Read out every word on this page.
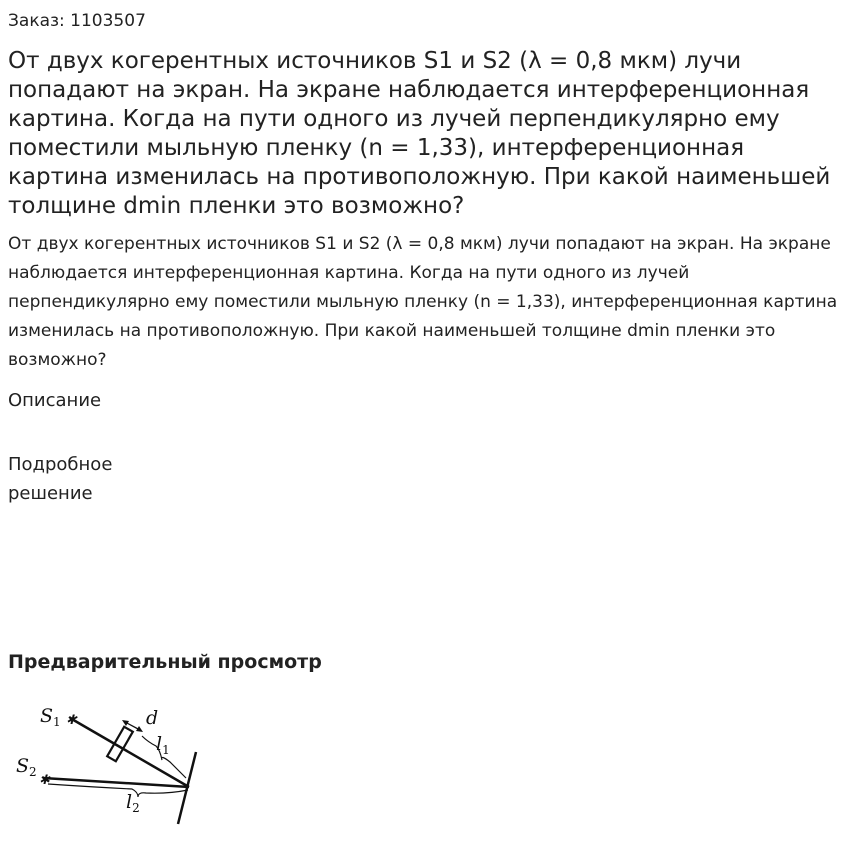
Заказ: 1103507
От двух когерентных источников S1 и S2 (λ = 0,8 мкм) лучи попадают на экран. На экране наблюдается интерференционная картина. Когда на пути одного из лучей перпендикулярно ему поместили мыльную пленку (n = 1,33), интерференционная картина изменилась на противоположную. При какой наименьшей толщине dmin пленки это возможно?

От двух когерентных источников S1 и S2 (λ = 0,8 мкм) лучи попадают на экран. На экране наблюдается интерференционная картина. Когда на пути одного из лучей перпендикулярно ему поместили мыльную пленку (n = 1,33), интерференционная картина изменилась на противоположную. При какой наименьшей толщине dmin пленки это возможно?

Описание
Подробное решение
Предварительный просмотр
✱
✱
$S_1$
$S_2$
d
$l_1$
$l_2$
